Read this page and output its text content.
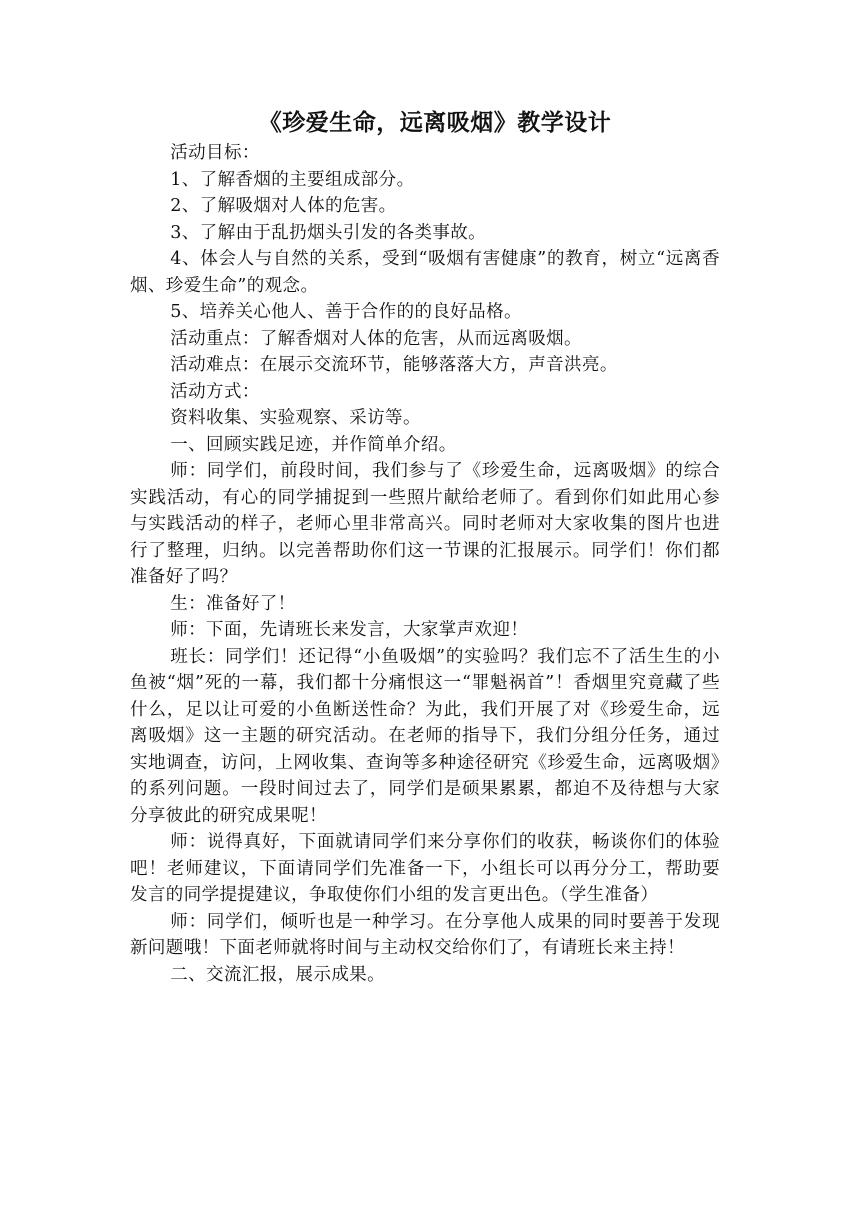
《珍爱生命，远离吸烟》教学设计

活动目标：

1、了解香烟的主要组成部分。

2、了解吸烟对人体的危害。

3、了解由于乱扔烟头引发的各类事故。

4、体会人与自然的关系，受到“吸烟有害健康”的教育，树立“远离香烟、珍爱生命”的观念。

5、培养关心他人、善于合作的的良好品格。

活动重点：了解香烟对人体的危害，从而远离吸烟。

活动难点：在展示交流环节，能够落落大方，声音洪亮。

活动方式：

资料收集、实验观察、采访等。

一、回顾实践足迹，并作简单介绍。

师：同学们，前段时间，我们参与了《珍爱生命，远离吸烟》的综合实践活动，有心的同学捕捉到一些照片献给老师了。看到你们如此用心参与实践活动的样子，老师心里非常高兴。同时老师对大家收集的图片也进行了整理，归纳。以完善帮助你们这一节课的汇报展示。同学们！你们都准备好了吗？

生：准备好了！

师：下面，先请班长来发言，大家掌声欢迎！

班长：同学们！还记得“小鱼吸烟”的实验吗？我们忘不了活生生的小鱼被“烟”死的一幕，我们都十分痛恨这一“罪魁祸首”！香烟里究竟藏了些什么，足以让可爱的小鱼断送性命？为此，我们开展了对《珍爱生命，远离吸烟》这一主题的研究活动。在老师的指导下，我们分组分任务，通过实地调查，访问，上网收集、查询等多种途径研究《珍爱生命，远离吸烟》的系列问题。一段时间过去了，同学们是硕果累累，都迫不及待想与大家分享彼此的研究成果呢！

师：说得真好，下面就请同学们来分享你们的收获，畅谈你们的体验吧！老师建议，下面请同学们先准备一下，小组长可以再分分工，帮助要发言的同学提提建议，争取使你们小组的发言更出色。（学生准备）

师：同学们，倾听也是一种学习。在分享他人成果的同时要善于发现新问题哦！下面老师就将时间与主动权交给你们了，有请班长来主持！

二、交流汇报，展示成果。
